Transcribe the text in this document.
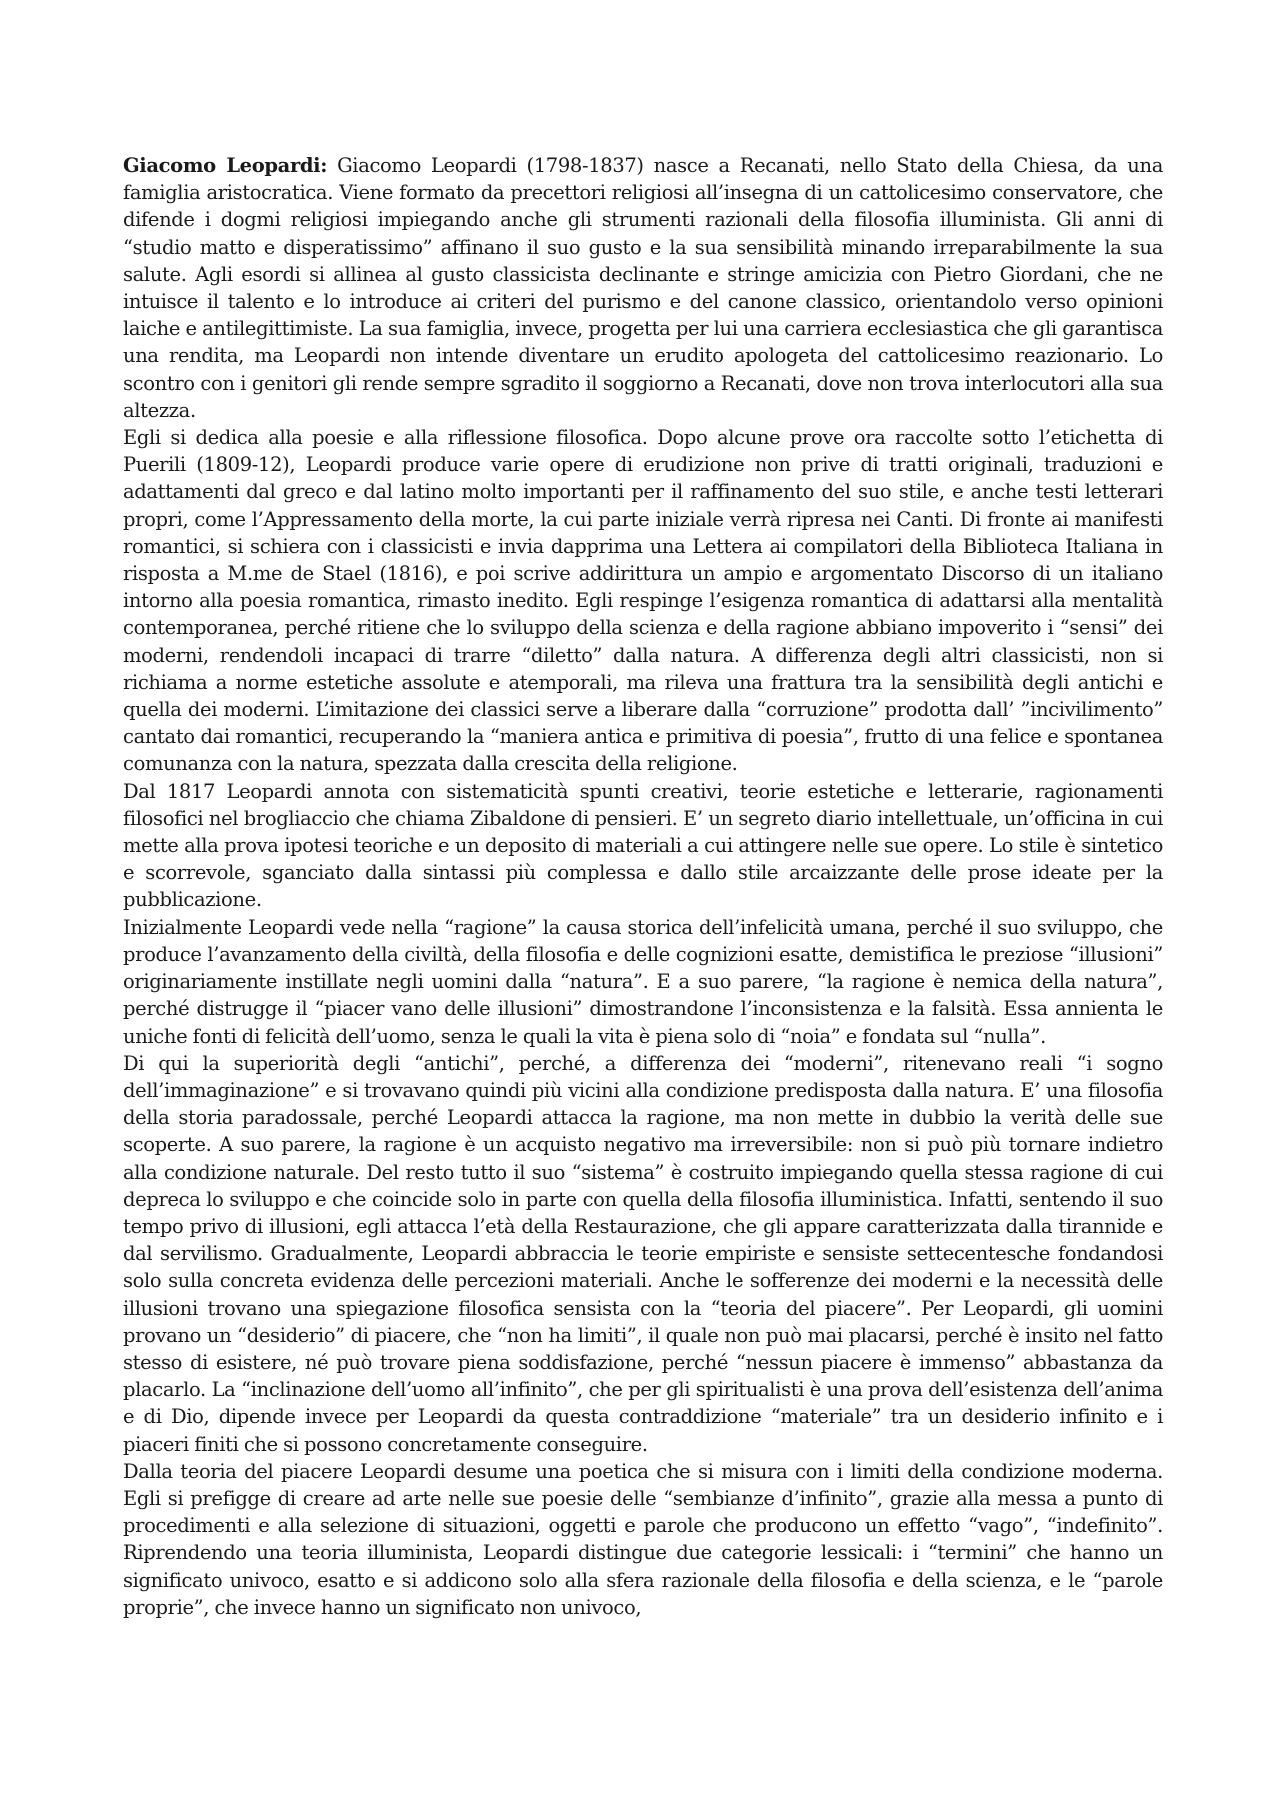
Giacomo Leopardi: Giacomo Leopardi (1798-1837) nasce a Recanati, nello Stato della Chiesa, da una famiglia aristocratica. Viene formato da precettori religiosi all’insegna di un cattolicesimo conservatore, che difende i dogmi religiosi impiegando anche gli strumenti razionali della filosofia illuminista. Gli anni di “studio matto e disperatissimo” affinano il suo gusto e la sua sensibilità minando irreparabilmente la sua salute. Agli esordi si allinea al gusto classicista declinante e stringe amicizia con Pietro Giordani, che ne intuisce il talento e lo introduce ai criteri del purismo e del canone classico, orientandolo verso opinioni laiche e antilegittimiste. La sua famiglia, invece, progetta per lui una carriera ecclesiastica che gli garantisca una rendita, ma Leopardi non intende diventare un erudito apologeta del cattolicesimo reazionario. Lo scontro con i genitori gli rende sempre sgradito il soggiorno a Recanati, dove non trova interlocutori alla sua altezza.

Egli si dedica alla poesie e alla riflessione filosofica. Dopo alcune prove ora raccolte sotto l’etichetta di Puerili (1809-12), Leopardi produce varie opere di erudizione non prive di tratti originali, traduzioni e adattamenti dal greco e dal latino molto importanti per il raffinamento del suo stile, e anche testi letterari propri, come l’Appressamento della morte, la cui parte iniziale verrà ripresa nei Canti. Di fronte ai manifesti romantici, si schiera con i classicisti e invia dapprima una Lettera ai compilatori della Biblioteca Italiana in risposta a M.me de Stael (1816), e poi scrive addirittura un ampio e argomentato Discorso di un italiano intorno alla poesia romantica, rimasto inedito. Egli respinge l’esigenza romantica di adattarsi alla mentalità contemporanea, perché ritiene che lo sviluppo della scienza e della ragione abbiano impoverito i “sensi” dei moderni, rendendoli incapaci di trarre “diletto” dalla natura. A differenza degli altri classicisti, non si richiama a norme estetiche assolute e atemporali, ma rileva una frattura tra la sensibilità degli antichi e quella dei moderni. L’imitazione dei classici serve a liberare dalla “corruzione” prodotta dall’ ”incivilimento” cantato dai romantici, recuperando la “maniera antica e primitiva di poesia”, frutto di una felice e spontanea comunanza con la natura, spezzata dalla crescita della religione.

Dal 1817 Leopardi annota con sistematicità spunti creativi, teorie estetiche e letterarie, ragionamenti filosofici nel brogliaccio che chiama Zibaldone di pensieri. E’ un segreto diario intellettuale, un’officina in cui mette alla prova ipotesi teoriche e un deposito di materiali a cui attingere nelle sue opere. Lo stile è sintetico e scorrevole, sganciato dalla sintassi più complessa e dallo stile arcaizzante delle prose ideate per la pubblicazione.

Inizialmente Leopardi vede nella “ragione” la causa storica dell’infelicità umana, perché il suo sviluppo, che produce l’avanzamento della civiltà, della filosofia e delle cognizioni esatte, demistifica le preziose “illusioni” originariamente instillate negli uomini dalla “natura”. E a suo parere, “la ragione è nemica della natura”, perché distrugge il “piacer vano delle illusioni” dimostrandone l’inconsistenza e la falsità. Essa annienta le uniche fonti di felicità dell’uomo, senza le quali la vita è piena solo di “noia” e fondata sul “nulla”.

Di qui la superiorità degli “antichi”, perché, a differenza dei “moderni”, ritenevano reali “i sogno dell’immaginazione” e si trovavano quindi più vicini alla condizione predisposta dalla natura. E’ una filosofia della storia paradossale, perché Leopardi attacca la ragione, ma non mette in dubbio la verità delle sue scoperte. A suo parere, la ragione è un acquisto negativo ma irreversibile: non si può più tornare indietro alla condizione naturale. Del resto tutto il suo “sistema” è costruito impiegando quella stessa ragione di cui depreca lo sviluppo e che coincide solo in parte con quella della filosofia illuministica. Infatti, sentendo il suo tempo privo di illusioni, egli attacca l’età della Restaurazione, che gli appare caratterizzata dalla tirannide e dal servilismo. Gradualmente, Leopardi abbraccia le teorie empiriste e sensiste settecentesche fondandosi solo sulla concreta evidenza delle percezioni materiali. Anche le sofferenze dei moderni e la necessità delle illusioni trovano una spiegazione filosofica sensista con la “teoria del piacere”. Per Leopardi, gli uomini provano un “desiderio” di piacere, che “non ha limiti”, il quale non può mai placarsi, perché è insito nel fatto stesso di esistere, né può trovare piena soddisfazione, perché “nessun piacere è immenso” abbastanza da placarlo. La “inclinazione dell’uomo all’infinito”, che per gli spiritualisti è una prova dell’esistenza dell’anima e di Dio, dipende invece per Leopardi da questa contraddizione “materiale” tra un desiderio infinito e i piaceri finiti che si possono concretamente conseguire.

Dalla teoria del piacere Leopardi desume una poetica che si misura con i limiti della condizione moderna. Egli si prefigge di creare ad arte nelle sue poesie delle “sembianze d’infinito”, grazie alla messa a punto di procedimenti e alla selezione di situazioni, oggetti e parole che producono un effetto “vago”, “indefinito”. Riprendendo una teoria illuminista, Leopardi distingue due categorie lessicali: i “termini” che hanno un significato univoco, esatto e si addicono solo alla sfera razionale della filosofia e della scienza, e le “parole proprie”, che invece hanno un significato non univoco,
